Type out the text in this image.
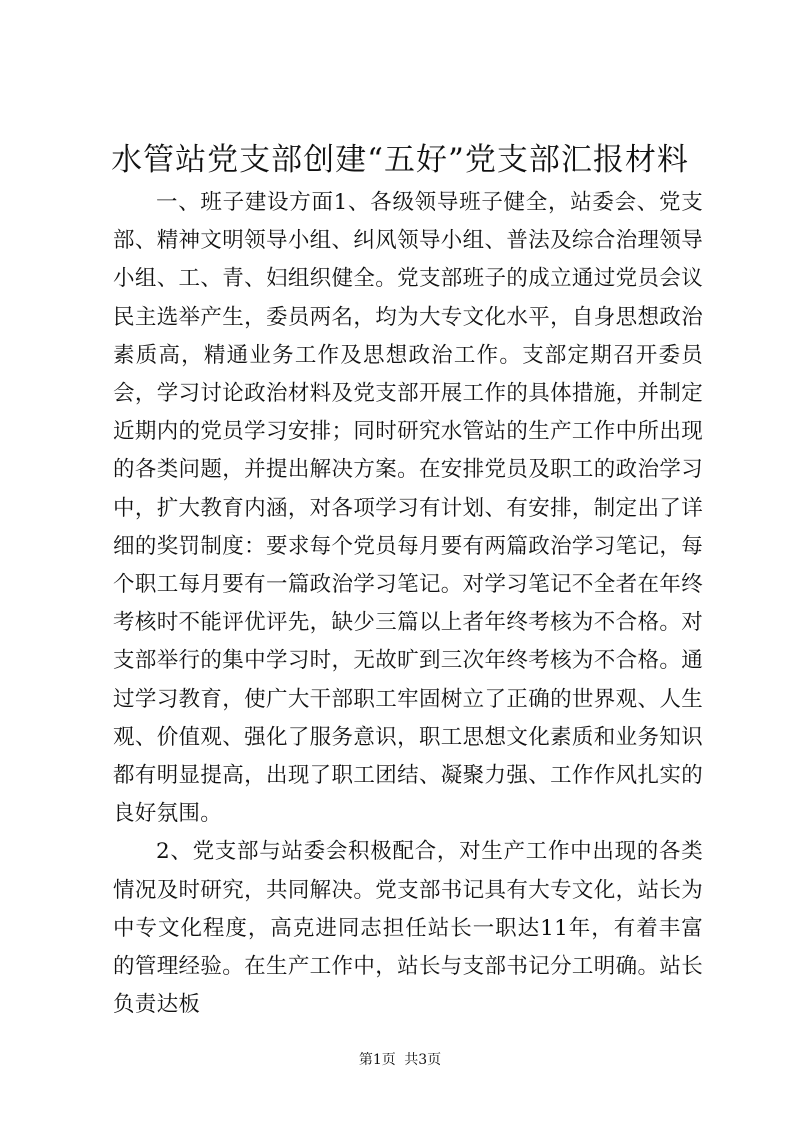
水管站党支部创建“五好”党支部汇报材料

一、班子建设方面1、各级领导班子健全，站委会、党支部、精神文明领导小组、纠风领导小组、普法及综合治理领导小组、工、青、妇组织健全。党支部班子的成立通过党员会议民主选举产生，委员两名，均为大专文化水平，自身思想政治素质高，精通业务工作及思想政治工作。支部定期召开委员会，学习讨论政治材料及党支部开展工作的具体措施，并制定近期内的党员学习安排；同时研究水管站的生产工作中所出现的各类问题，并提出解决方案。在安排党员及职工的政治学习中，扩大教育内涵，对各项学习有计划、有安排，制定出了详细的奖罚制度：要求每个党员每月要有两篇政治学习笔记，每个职工每月要有一篇政治学习笔记。对学习笔记不全者在年终考核时不能评优评先，缺少三篇以上者年终考核为不合格。对支部举行的集中学习时，无故旷到三次年终考核为不合格。通过学习教育，使广大干部职工牢固树立了正确的世界观、人生观、价值观、强化了服务意识，职工思想文化素质和业务知识都有明显提高，出现了职工团结、凝聚力强、工作作风扎实的良好氛围。

2、党支部与站委会积极配合，对生产工作中出现的各类情况及时研究，共同解决。党支部书记具有大专文化，站长为中专文化程度，高克进同志担任站长一职达11年，有着丰富的管理经验。在生产工作中，站长与支部书记分工明确。站长负责达板

第1页 共3页
